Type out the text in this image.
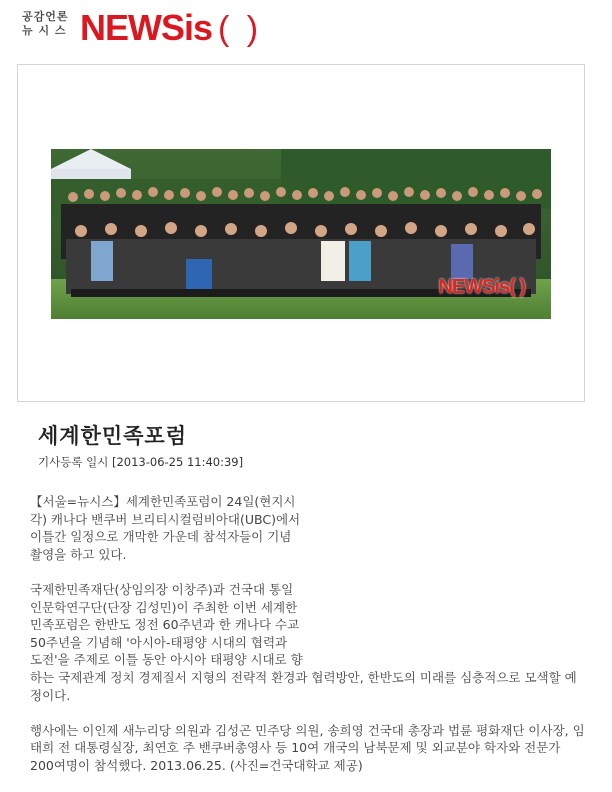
공감언론
뉴 시 스 NEWSis ( )
NEWSis( )
세계한민족포럼
기사등록 일시 [2013-06-25 11:40:39]

【서울=뉴시스】세계한민족포럼이 24일(현지시
각) 캐나다 밴쿠버 브리티시컬럼비아대(UBC)에서
이틀간 일정으로 개막한 가운데 참석자들이 기념
촬영을 하고 있다.

국제한민족재단(상임의장 이창주)과 건국대 통일
인문학연구단(단장 김성민)이 주최한 이번 세계한
민족포럼은 한반도 정전 60주년과 한 캐나다 수교
50주년을 기념해 '아시아-태평양 시대의 협력과
도전'을 주제로 이틀 동안 아시아 태평양 시대로 향
하는 국제관계 정치 경제질서 지형의 전략적 환경과 협력방안, 한반도의 미래를 심층적으로 모색할 예
정이다.

행사에는 이인제 새누리당 의원과 김성곤 민주당 의원, 송희영 건국대 총장과 법륜 평화재단 이사장, 임
태희 전 대통령실장, 최연호 주 밴쿠버총영사 등 10여 개국의 남북문제 및 외교분야 학자와 전문가
200여명이 참석했다. 2013.06.25. (사진=건국대학교 제공)
